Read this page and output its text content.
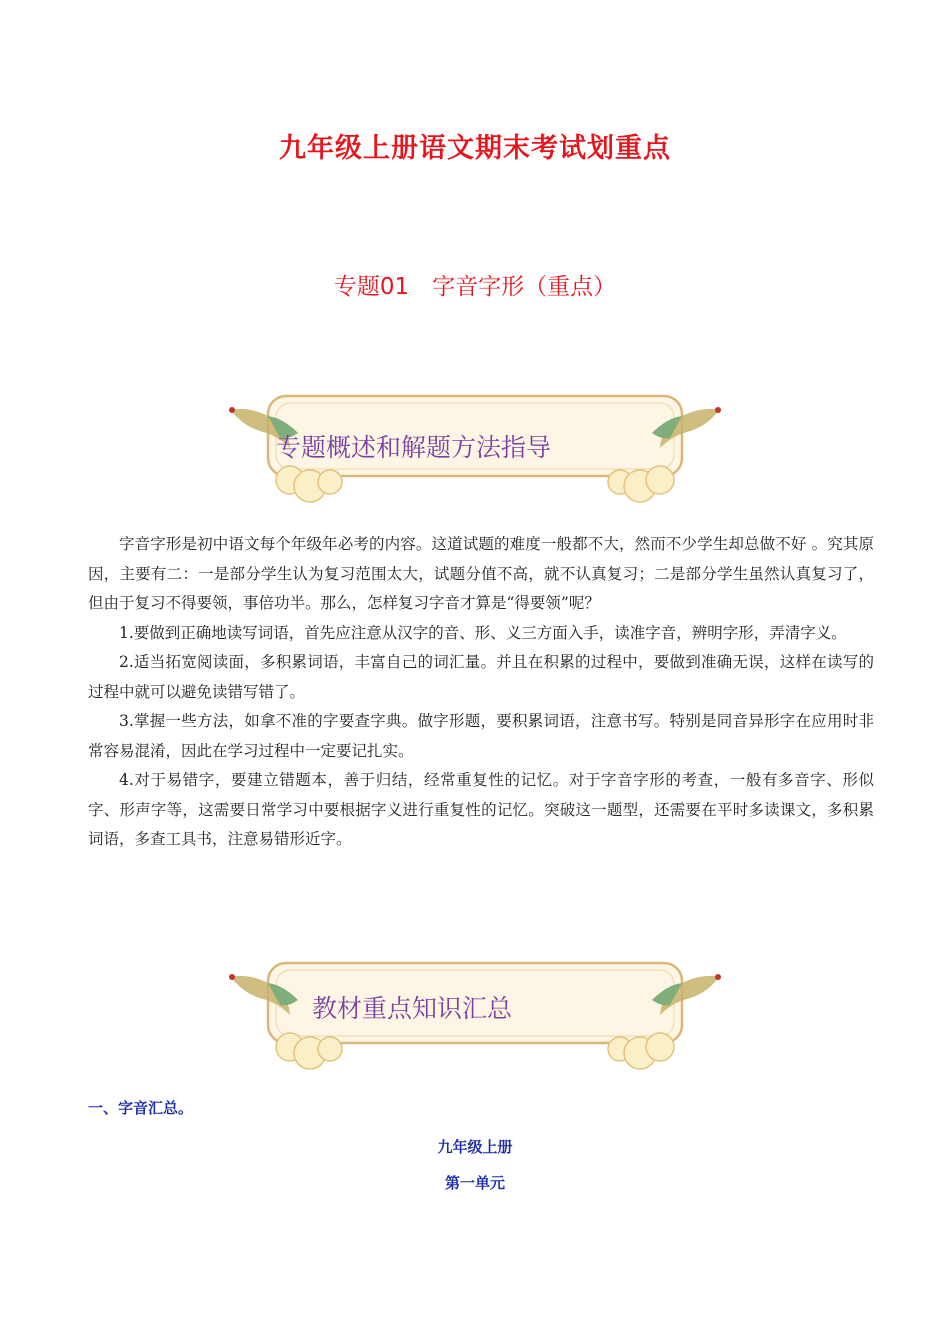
九年级上册语文期末考试划重点
专题01　字音字形（重点）
专题概述和解题方法指导

字音字形是初中语文每个年级年必考的内容。这道试题的难度一般都不大，然而不少学生却总做不好 。究其原因，主要有二：一是部分学生认为复习范围太大，试题分值不高，就不认真复习；二是部分学生虽然认真复习了，但由于复习不得要领，事倍功半。那么，怎样复习字音才算是“得要领”呢？

1.要做到正确地读写词语，首先应注意从汉字的音、形、义三方面入手，读准字音，辨明字形，弄清字义。

2.适当拓宽阅读面，多积累词语，丰富自己的词汇量。并且在积累的过程中，要做到准确无误，这样在读写的过程中就可以避免读错写错了。

3.掌握一些方法，如拿不准的字要查字典。做字形题，要积累词语，注意书写。特别是同音异形字在应用时非常容易混淆，因此在学习过程中一定要记扎实。

4.对于易错字，要建立错题本，善于归结，经常重复性的记忆。对于字音字形的考查，一般有多音字、形似字、形声字等，这需要日常学习中要根据字义进行重复性的记忆。突破这一题型，还需要在平时多读课文，多积累词语，多查工具书，注意易错形近字。

教材重点知识汇总
一、字音汇总。
九年级上册
第一单元
